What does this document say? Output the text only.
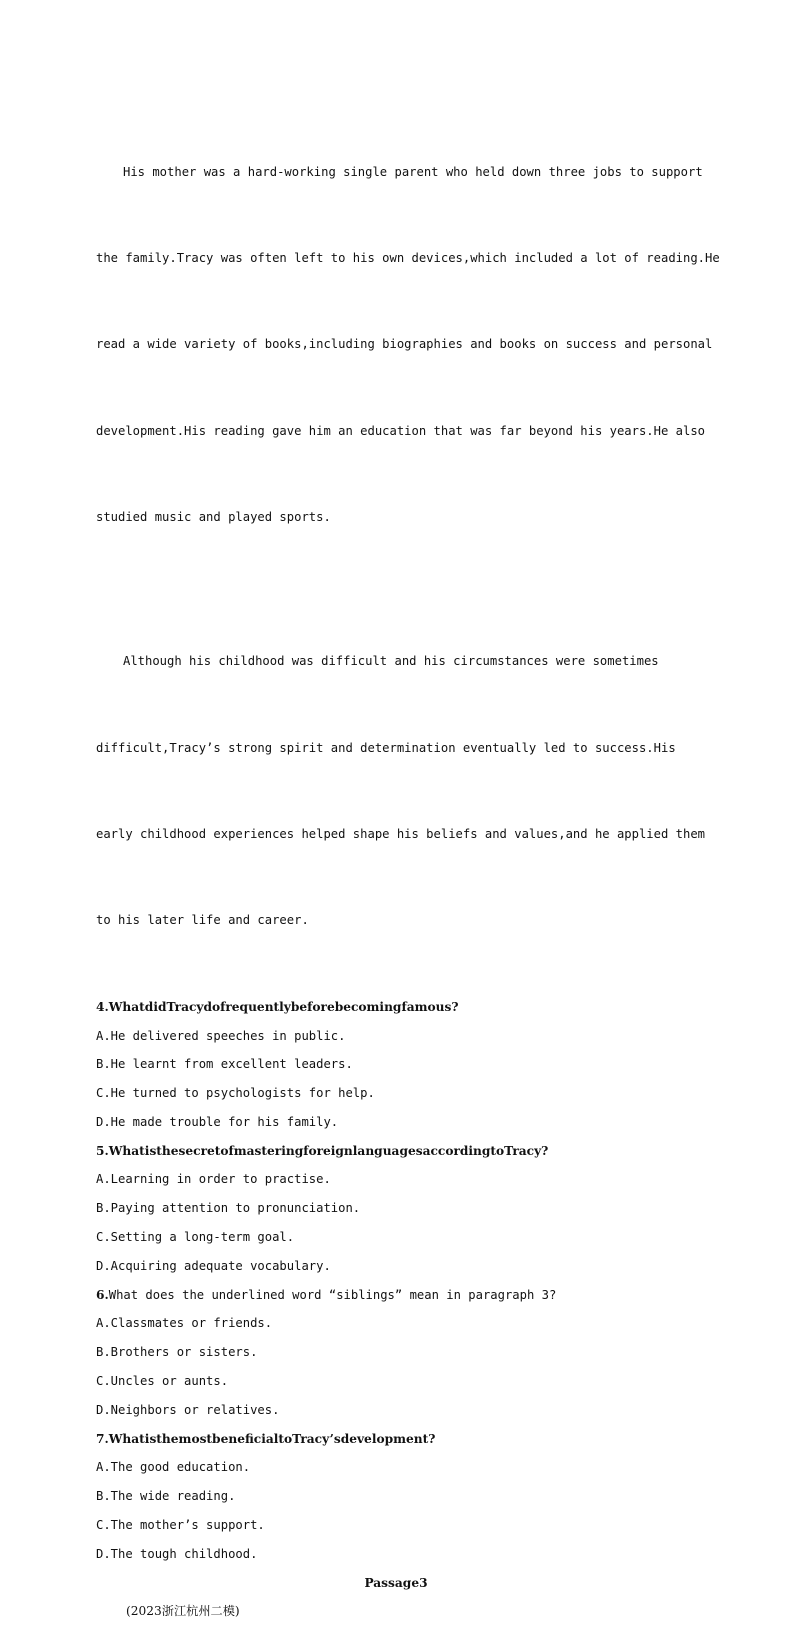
His mother was a hard-working single parent who held down three jobs to support

the family.Tracy was often left to his own devices,which included a lot of reading.He

read a wide variety of books,including biographies and books on success and personal

development.His reading gave him an education that was far beyond his years.He also

studied music and played sports.

Although his childhood was difficult and his circumstances were sometimes

difficult,Tracy’s strong spirit and determination eventually led to success.His

early childhood experiences helped shape his beliefs and values,and he applied them

to his later life and career.

4.WhatdidTracydofrequentlybeforebecomingfamous?
A.He delivered speeches in public.
B.He learnt from excellent leaders.
C.He turned to psychologists for help.
D.He made trouble for his family.
5.WhatisthesecretofmasteringforeignlanguagesaccordingtoTracy?
A.Learning in order to practise.
B.Paying attention to pronunciation.
C.Setting a long-term goal.
D.Acquiring adequate vocabulary.
6.What does the underlined word “siblings” mean in paragraph 3?
A.Classmates or friends.
B.Brothers or sisters.
C.Uncles or aunts.
D.Neighbors or relatives.
7.WhatisthemostbeneficialtoTracy’sdevelopment?
A.The good education.
B.The wide reading.
C.The mother’s support.
D.The tough childhood.
Passage3
(2023浙江杭州二模)
